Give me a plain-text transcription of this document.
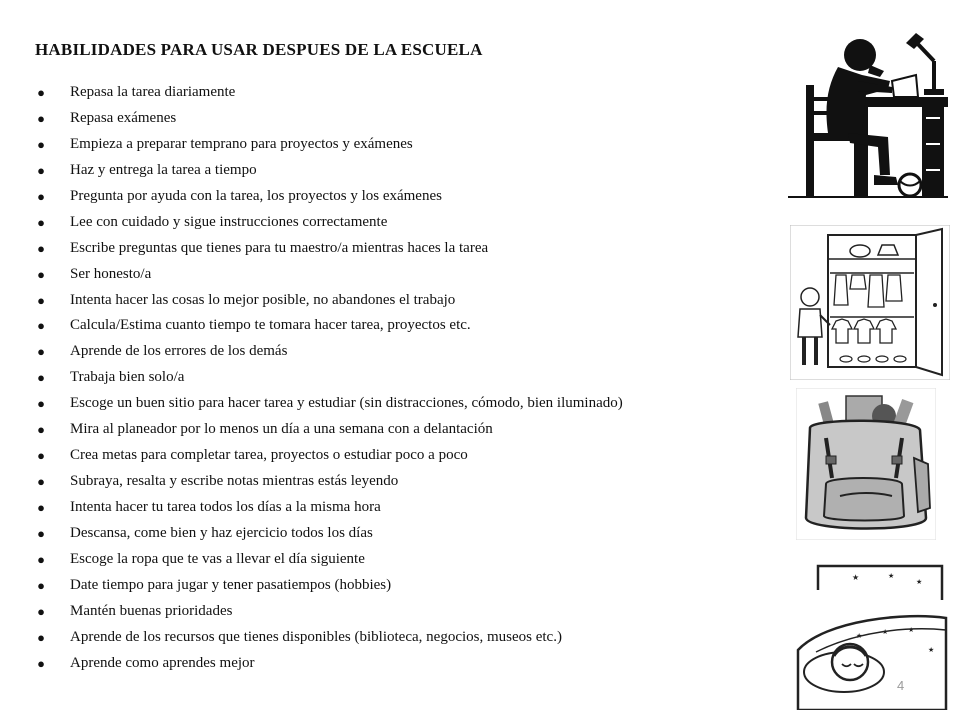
HABILIDADES PARA USAR DESPUES DE LA ESCUELA
● Repasa la tarea diariamente
● Repasa exámenes
● Empieza a preparar temprano para proyectos y exámenes
● Haz y entrega la tarea a tiempo
● Pregunta por ayuda con la tarea, los proyectos y los exámenes
● Lee con cuidado y sigue instrucciones correctamente
● Escribe preguntas que tienes para tu maestro/a mientras haces la tarea
● Ser honesto/a
● Intenta hacer las cosas lo mejor posible, no abandones el trabajo
● Calcula/Estima cuanto tiempo te tomara hacer tarea, proyectos etc.
● Aprende de los errores de los demás
● Trabaja bien solo/a
● Escoge un buen sitio para hacer tarea y estudiar (sin distracciones, cómodo, bien iluminado)
● Mira al planeador por lo menos un día a una semana con a delantación
● Crea metas para completar tarea, proyectos o estudiar poco a poco
● Subraya, resalta y escribe notas mientras estás leyendo
● Intenta hacer tu tarea todos los días a la misma hora
● Descansa, come bien y haz ejercicio todos los días
● Escoge la ropa que te vas a llevar el día siguiente
● Date tiempo para jugar y tener pasatiempos (hobbies)
● Mantén buenas prioridades
● Aprende de los recursos que tienes disponibles (biblioteca, negocios, museos etc.)
● Aprende como aprendes mejor
★	★
★
★	★	★
★
4
